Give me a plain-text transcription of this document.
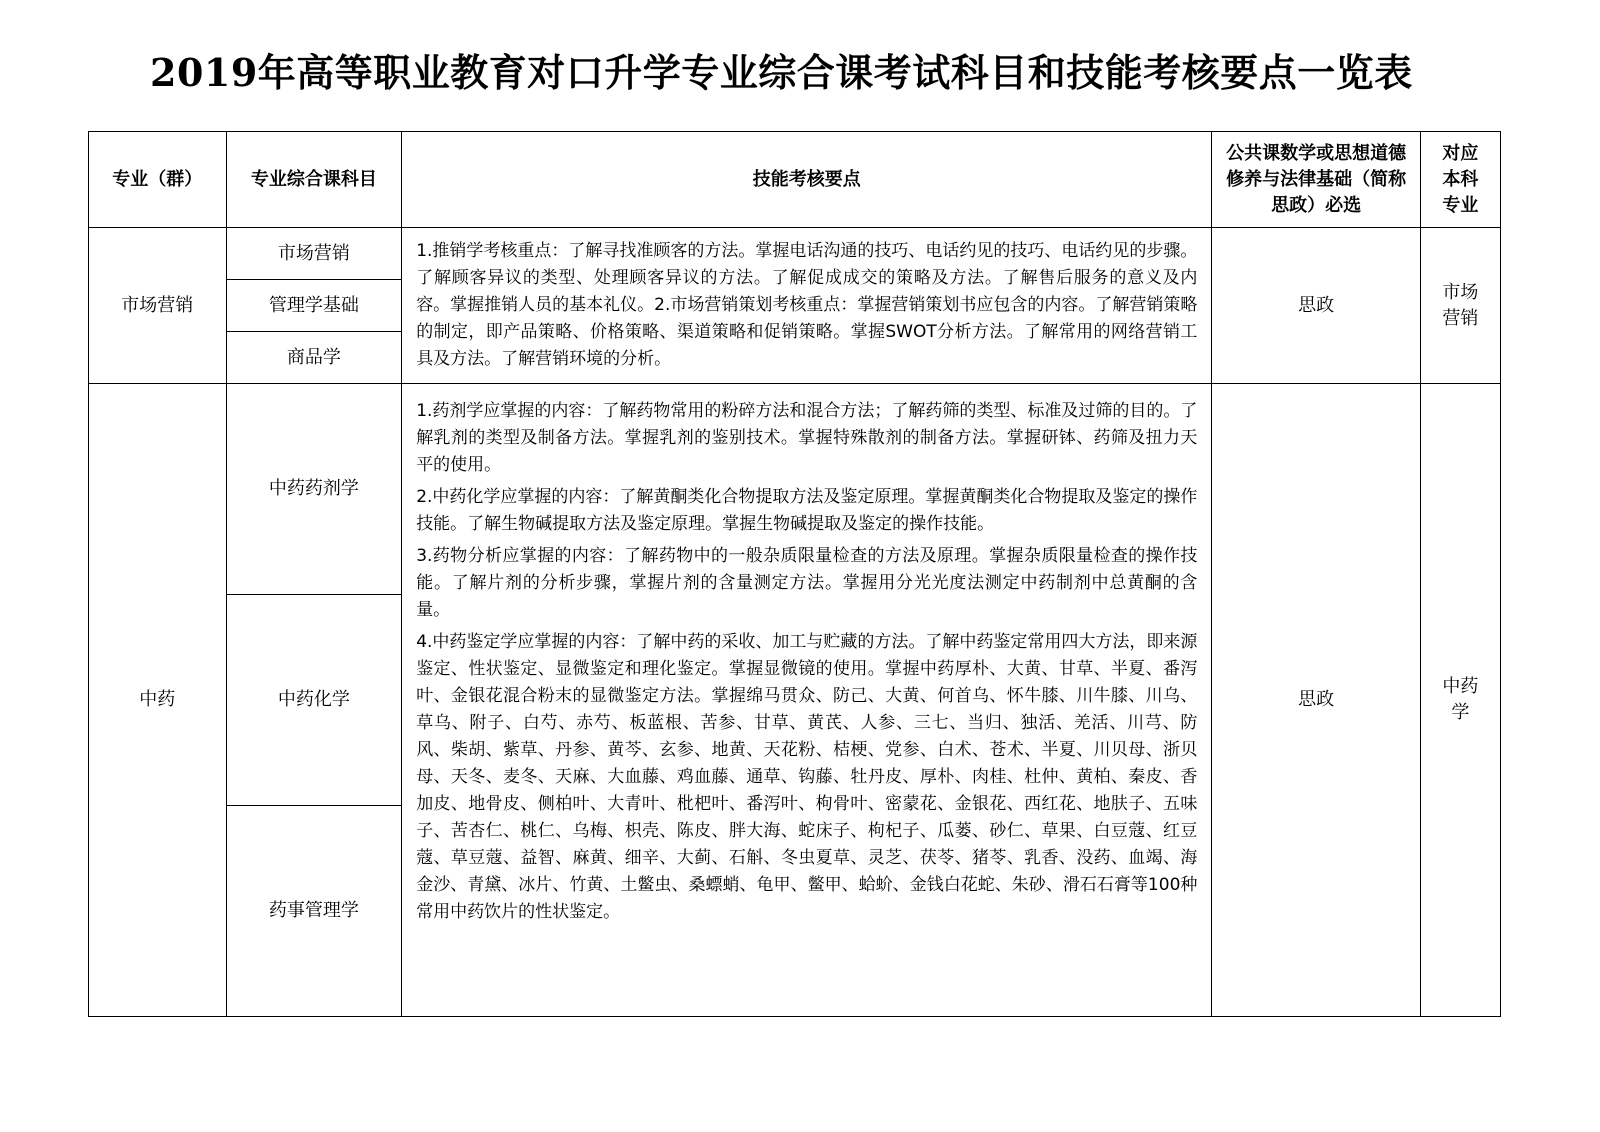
2019年高等职业教育对口升学专业综合课考试科目和技能考核要点一览表
专业（群）	专业综合课科目	技能考核要点	公共课数学或思想道德修养与法律基础（简称思政）必选	对应本科专业
市场营销	市场营销	1.推销学考核重点：了解寻找准顾客的方法。掌握电话沟通的技巧、电话约见的技巧、电话约见的步骤。了解顾客异议的类型、处理顾客异议的方法。了解促成成交的策略及方法。了解售后服务的意义及内容。掌握推销人员的基本礼仪。2.市场营销策划考核重点：掌握营销策划书应包含的内容。了解营销策略的制定，即产品策略、价格策略、渠道策略和促销策略。掌握SWOT分析方法。了解常用的网络营销工具及方法。了解营销环境的分析。	思政	市场营销
	管理学基础			
	商品学			
中药	中药药剂学	1.药剂学应掌握的内容：了解药物常用的粉碎方法和混合方法；了解药筛的类型、标准及过筛的目的。了解乳剂的类型及制备方法。掌握乳剂的鉴别技术。掌握特殊散剂的制备方法。掌握研钵、药筛及扭力天平的使用。

2.中药化学应掌握的内容：了解黄酮类化合物提取方法及鉴定原理。掌握黄酮类化合物提取及鉴定的操作技能。了解生物碱提取方法及鉴定原理。掌握生物碱提取及鉴定的操作技能。

3.药物分析应掌握的内容：了解药物中的一般杂质限量检查的方法及原理。掌握杂质限量检查的操作技能。了解片剂的分析步骤，掌握片剂的含量测定方法。掌握用分光光度法测定中药制剂中总黄酮的含量。

4.中药鉴定学应掌握的内容：了解中药的采收、加工与贮藏的方法。了解中药鉴定常用四大方法，即来源鉴定、性状鉴定、显微鉴定和理化鉴定。掌握显微镜的使用。掌握中药厚朴、大黄、甘草、半夏、番泻叶、金银花混合粉末的显微鉴定方法。掌握绵马贯众、防己、大黄、何首乌、怀牛膝、川牛膝、川乌、草乌、附子、白芍、赤芍、板蓝根、苦参、甘草、黄芪、人参、三七、当归、独活、羌活、川芎、防风、柴胡、紫草、丹参、黄芩、玄参、地黄、天花粉、桔梗、党参、白术、苍术、半夏、川贝母、浙贝母、天冬、麦冬、天麻、大血藤、鸡血藤、通草、钩藤、牡丹皮、厚朴、肉桂、杜仲、黄柏、秦皮、香加皮、地骨皮、侧柏叶、大青叶、枇杷叶、番泻叶、枸骨叶、密蒙花、金银花、西红花、地肤子、五味子、苦杏仁、桃仁、乌梅、枳壳、陈皮、胖大海、蛇床子、枸杞子、瓜蒌、砂仁、草果、白豆蔻、红豆蔻、草豆蔻、益智、麻黄、细辛、大蓟、石斛、冬虫夏草、灵芝、茯苓、猪苓、乳香、没药、血竭、海金沙、青黛、冰片、竹黄、土鳖虫、桑螵蛸、龟甲、鳖甲、蛤蚧、金钱白花蛇、朱砂、滑石石膏等100种常用中药饮片的性状鉴定。	思政	中药学
	中药化学			
	药事管理学			
